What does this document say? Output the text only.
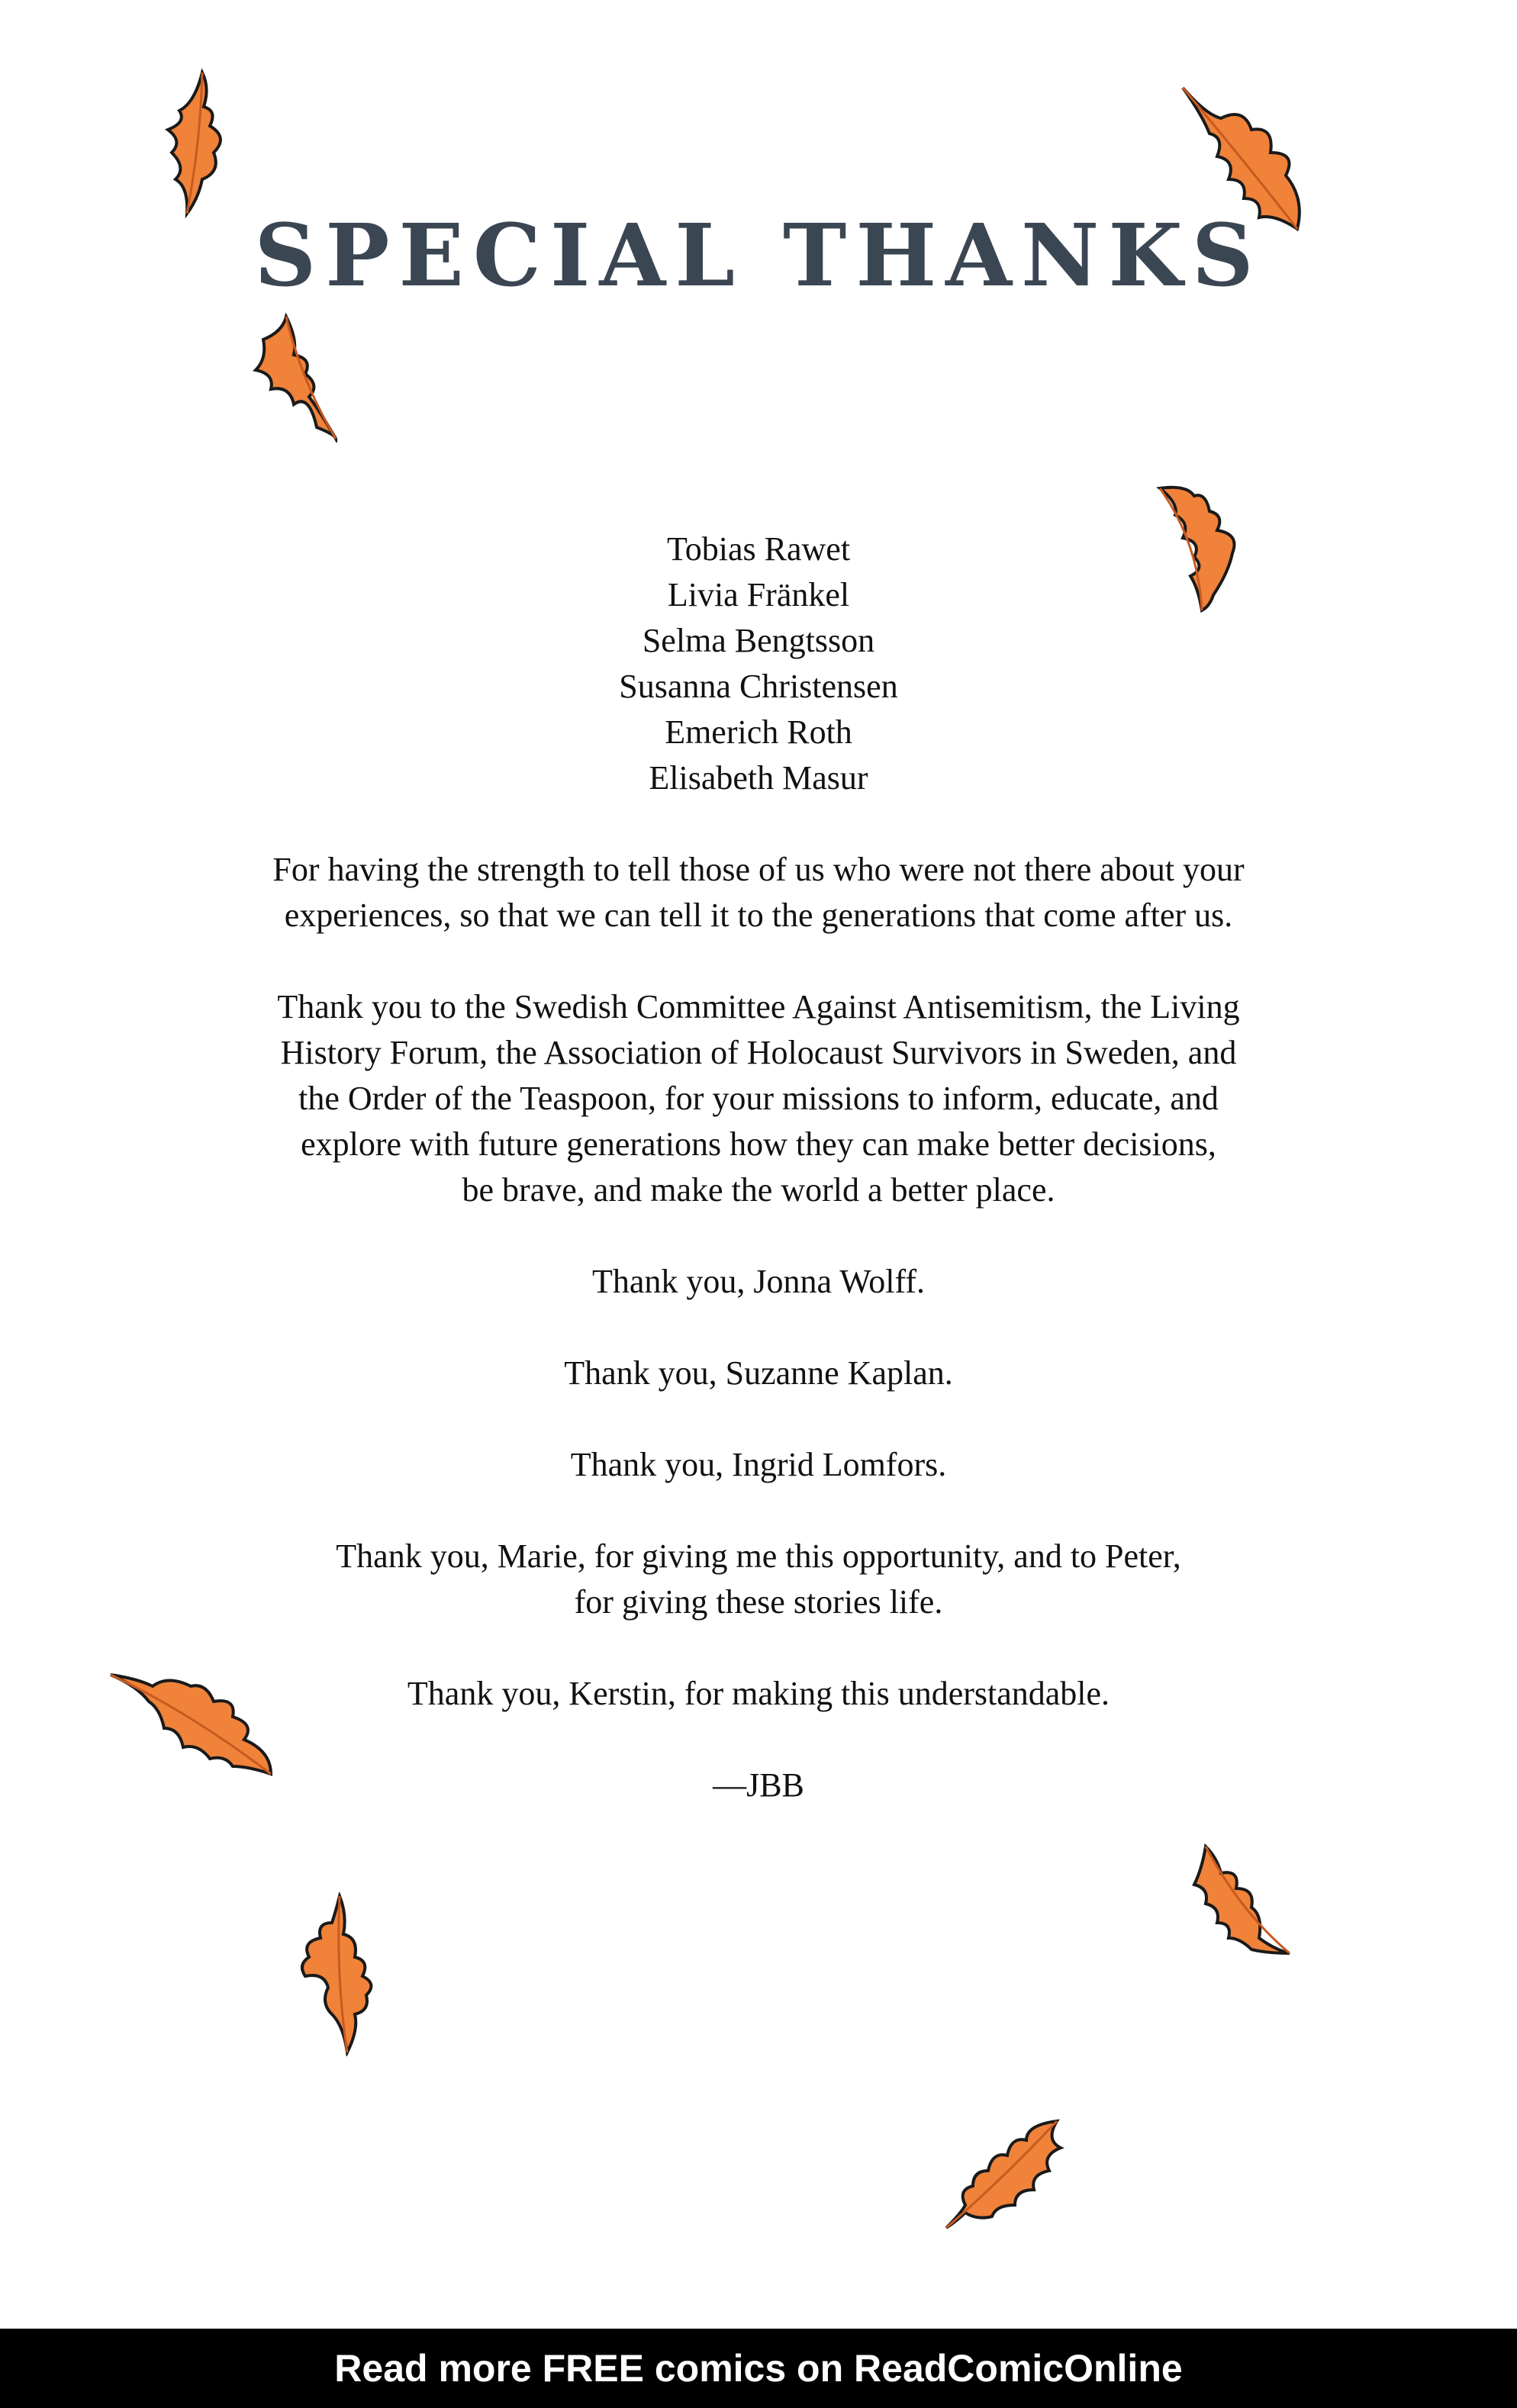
SPECIAL THANKS
Tobias Rawet
Livia Fränkel
Selma Bengtsson
Susanna Christensen
Emerich Roth
Elisabeth Masur
For having the strength to tell those of us who were not there about your
experiences, so that we can tell it to the generations that come after us.
Thank you to the Swedish Committee Against Antisemitism, the Living
History Forum, the Association of Holocaust Survivors in Sweden, and
the Order of the Teaspoon, for your missions to inform, educate, and
explore with future generations how they can make better decisions,
be brave, and make the world a better place.
Thank you, Jonna Wolff.
Thank you, Suzanne Kaplan.
Thank you, Ingrid Lomfors.
Thank you, Marie, for giving me this opportunity, and to Peter,
for giving these stories life.
Thank you, Kerstin, for making this understandable.
—JBB
Read more FREE comics on ReadComicOnline
